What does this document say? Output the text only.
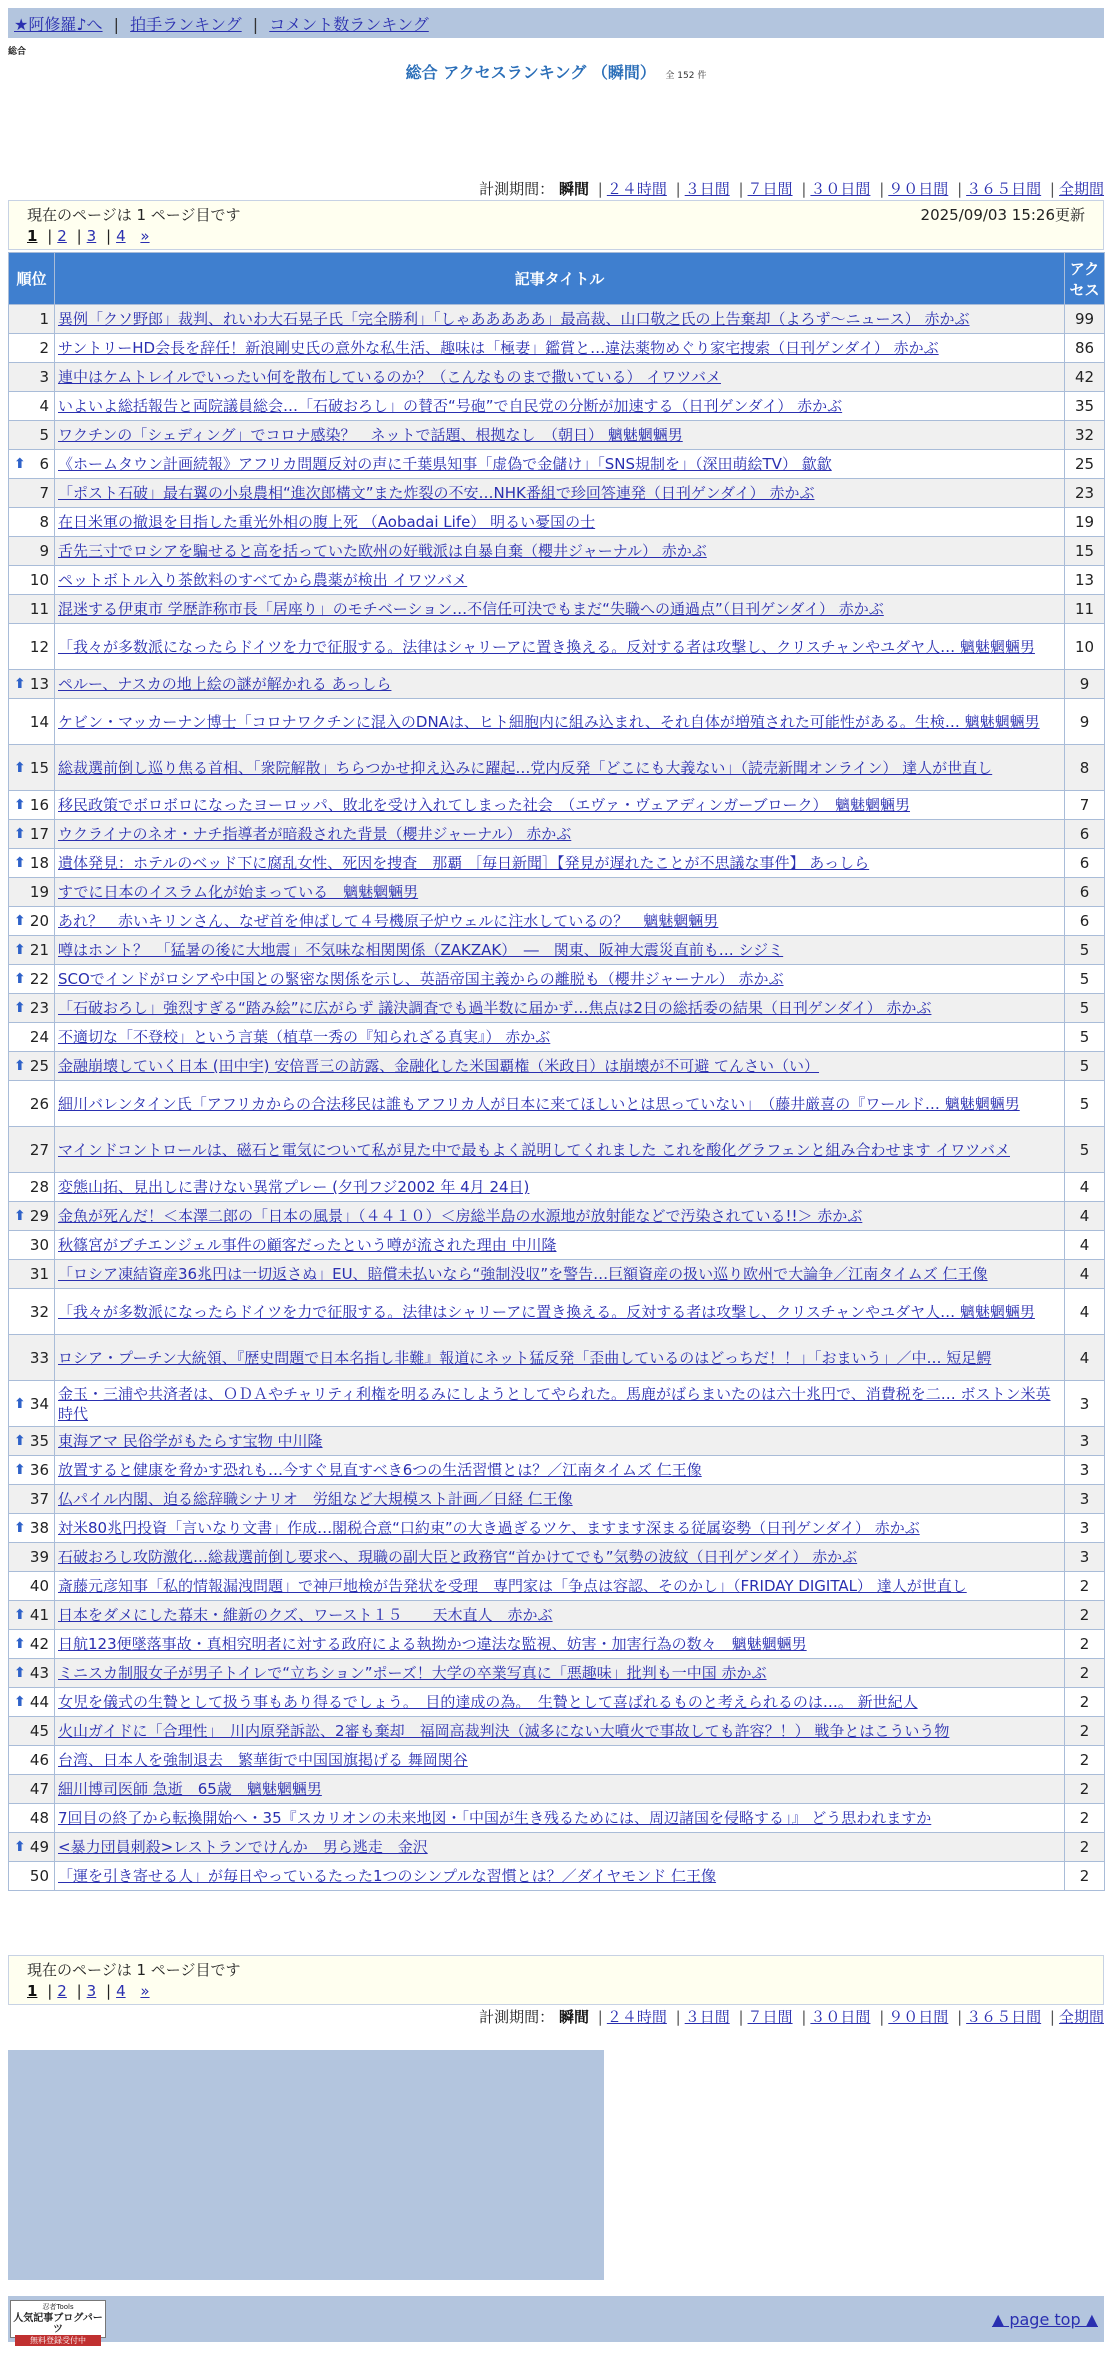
★阿修羅♪へ | 拍手ランキング | コメント数ランキング
総合
総合 アクセスランキング （瞬間） 全 152 件
計測期間： 瞬間 | ２４時間 | ３日間 | ７日間 | ３０日間 | ９０日間 | ３６５日間 | 全期間
現在のページは 1 ページ目です	2025/09/03 15:26更新
1 | 2 | 3 | 4 »
順位	記事タイトル	アクセス
1	異例「クソ野郎」裁判、れいわ大石晃子氏「完全勝利」「しゃあああああ」最高裁、山口敬之氏の上告棄却（よろず〜ニュース） 赤かぶ	99
2	サントリーHD会長を辞任！新浪剛史氏の意外な私生活、趣味は「極妻」鑑賞と…違法薬物めぐり家宅捜索（日刊ゲンダイ） 赤かぶ	86
3	連中はケムトレイルでいったい何を散布しているのか？（こんなものまで撒いている） イワツバメ	42
4	いよいよ総括報告と両院議員総会…「石破おろし」の賛否“号砲”で自民党の分断が加速する（日刊ゲンダイ） 赤かぶ	35
5	ワクチンの「シェディング」でコロナ感染？　ネットで話題、根拠なし　（朝日） 魑魅魍魎男	32

⬆ 6	《ホームタウン計画続報》アフリカ問題反対の声に千葉県知事「虚偽で金儲け」「SNS規制を」（深田萌絵TV） 歙歙	25
7	「ポスト石破」最右翼の小泉農相“進次郎構文”また炸裂の不安…NHK番組で珍回答連発（日刊ゲンダイ） 赤かぶ	23
8	在日米軍の撤退を目指した重光外相の腹上死 （Aobadai Life） 明るい憂国の士	19
9	舌先三寸でロシアを騙せると高を括っていた欧州の好戦派は自暴自棄（櫻井ジャーナル） 赤かぶ	15
10	ペットボトル入り茶飲料のすべてから農薬が検出 イワツバメ	13
11	混迷する伊東市 学歴詐称市長「居座り」のモチベーション…不信任可決でもまだ“失職への通過点”（日刊ゲンダイ） 赤かぶ	11
12	「我々が多数派になったらドイツを力で征服する。法律はシャリーアに置き換える。反対する者は攻撃し、クリスチャンやユダヤ人… 魑魅魍魎男	10

⬆ 13	ペルー、ナスカの地上絵の謎が解かれる あっしら	9
14	ケビン・マッカーナン博士「コロナワクチンに混入のDNAは、ヒト細胞内に組み込まれ、それ自体が増殖された可能性がある。生検… 魑魅魍魎男	9

⬆ 15	総裁選前倒し巡り焦る首相、「衆院解散」ちらつかせ抑え込みに躍起…党内反発「どこにも大義ない」（読売新聞オンライン） 達人が世直し	8

⬆ 16	移民政策でボロボロになったヨーロッパ、敗北を受け入れてしまった社会　（エヴァ・ヴェアディンガーブローク）　魑魅魍魎男	7

⬆ 17	ウクライナのネオ・ナチ指導者が暗殺された背景（櫻井ジャーナル） 赤かぶ	6

⬆ 18	遺体発見：ホテルのベッド下に腐乱女性、死因を捜査　那覇 ［毎日新聞］【発見が遅れたことが不思議な事件】 あっしら	6
19	すでに日本のイスラム化が始まっている　魑魅魍魎男	6

⬆ 20	あれ？　赤いキリンさん、なぜ首を伸ばして４号機原子炉ウェルに注水しているの？　魑魅魍魎男	6

⬆ 21	噂はホント？　「猛暑の後に大地震」不気味な相関関係（ZAKZAK）　―　関東、阪神大震災直前も… シジミ	5

⬆ 22	SCOでインドがロシアや中国との緊密な関係を示し、英語帝国主義からの離脱も（櫻井ジャーナル） 赤かぶ	5

⬆ 23	「石破おろし」強烈すぎる“踏み絵”に広がらず 議決調査でも過半数に届かず…焦点は2日の総括委の結果（日刊ゲンダイ） 赤かぶ	5
24	不適切な「不登校」という言葉（植草一秀の『知られざる真実』） 赤かぶ	5

⬆ 25	金融崩壊していく日本 (田中宇) 安倍晋三の訪露、金融化した米国覇権（米政日）は崩壊が不可避 てんさい（い）	5
26	細川バレンタイン氏「アフリカからの合法移民は誰もアフリカ人が日本に来てほしいとは思っていない」　（藤井厳喜の『ワールド… 魑魅魍魎男	5
27	マインドコントロールは、磁石と電気について私が見た中で最もよく説明してくれました これを酸化グラフェンと組み合わせます イワツバメ	5
28	変態山拓、見出しに書けない異常プレー (夕刊フジ2002 年 4月 24日)	4

⬆ 29	金魚が死んだ！＜本澤二郎の「日本の風景」（４４１０）＜房総半島の水源地が放射能などで汚染されている!!＞ 赤かぶ	4
30	秋篠宮がブチエンジェル事件の顧客だったという噂が流された理由 中川隆	4
31	「ロシア凍結資産36兆円は一切返さぬ」EU、賠償未払いなら“強制没収”を警告…巨額資産の扱い巡り欧州で大論争／江南タイムズ 仁王像	4
32	「我々が多数派になったらドイツを力で征服する。法律はシャリーアに置き換える。反対する者は攻撃し、クリスチャンやユダヤ人… 魑魅魍魎男	4
33	ロシア・プーチン大統領、『歴史問題で日本名指し非難』報道にネット猛反発「歪曲しているのはどっちだ！！」「おまいう」／中… 短足鰐	4

⬆ 34	金玉・三浦や共済者は、ＯＤＡやチャリティ利権を明るみにしようとしてやられた。馬鹿がばらまいたのは六十兆円で、消費税を二… ボストン米英時代	3

⬆ 35	東海アマ 民俗学がもたらす宝物 中川隆	3

⬆ 36	放置すると健康を脅かす恐れも…今すぐ見直すべき6つの生活習慣とは？／江南タイムズ 仁王像	3
37	仏パイル内閣、迫る総辞職シナリオ　労組など大規模スト計画／日経 仁王像	3

⬆ 38	対米80兆円投資「言いなり文書」作成…閣税合意“口約束”の大き過ぎるツケ、ますます深まる従属姿勢（日刊ゲンダイ） 赤かぶ	3
39	石破おろし攻防激化…総裁選前倒し要求へ、現職の副大臣と政務官“首かけてでも”気勢の波紋（日刊ゲンダイ） 赤かぶ	3
40	斎藤元彦知事「私的情報漏洩問題」で神戸地検が告発状を受理　専門家は「争点は容認、そのかし」（FRIDAY DIGITAL） 達人が世直し	2

⬆ 41	日本をダメにした幕末・維新のクズ、ワースト１５　　天木直人　赤かぶ	2

⬆ 42	日航123便墜落事故・真相究明者に対する政府による執拗かつ違法な監視、妨害・加害行為の数々　魑魅魍魎男	2

⬆ 43	ミニスカ制服女子が男子トイレで“立ちション”ポーズ！大学の卒業写真に「悪趣味」批判も一中国 赤かぶ	2

⬆ 44	女児を儀式の生贄として扱う事もあり得るでしょう。　目的達成の為。　生贄として喜ばれるものと考えられるのは…。 新世紀人	2
45	火山ガイドに「合理性」　川内原発訴訟、2審も棄却　福岡高裁判決（滅多にない大噴火で事故しても許容？！） 戦争とはこういう物	2
46	台湾、日本人を強制退去　繁華街で中国国旗掲げる 舞岡関谷	2
47	細川博司医師 急逝　65歳　魑魅魍魎男	2
48	7回目の終了から転換開始へ・35『スカリオンの未来地図・「中国が生き残るためには、周辺諸国を侵略する」』 どう思われますか	2

⬆ 49	<暴力団員刺殺>レストランでけんか　男ら逃走　金沢	2
50	「運を引き寄せる人」が毎日やっているたった1つのシンプルな習慣とは？／ダイヤモンド 仁王像	2
現在のページは 1 ページ目です
1 | 2 | 3 | 4 »
計測期間： 瞬間 | ２４時間 | ３日間 | ７日間 | ３０日間 | ９０日間 | ３６５日間 | 全期間
忍者Tools
人気記事ブログパーツ
無料登録受付中
▲ page top ▲
